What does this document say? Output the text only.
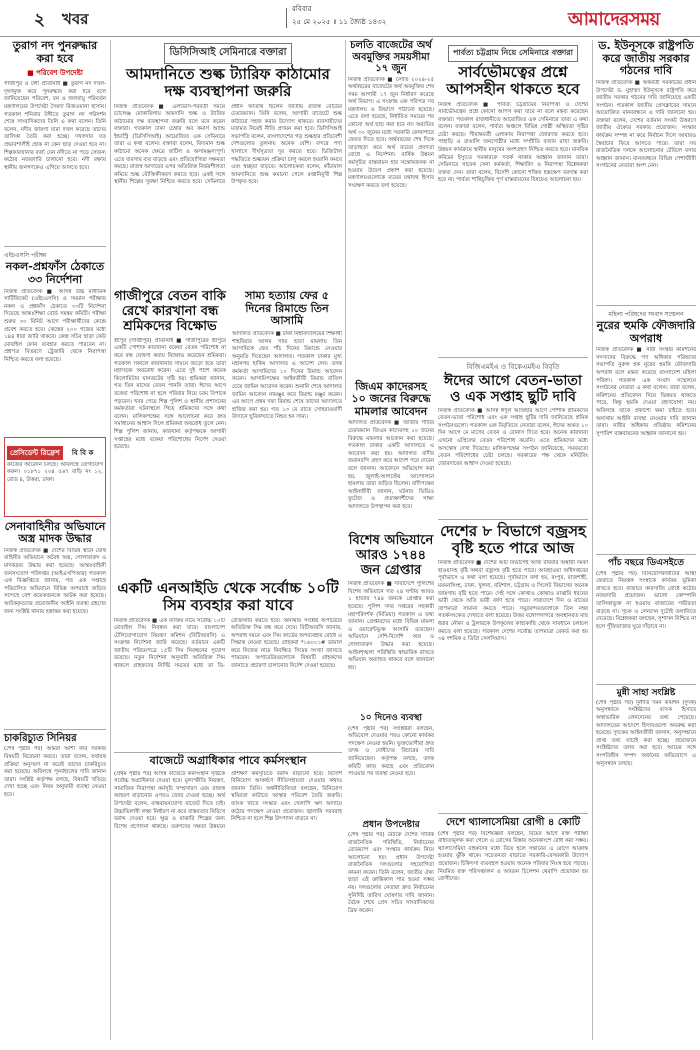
২ খবর
রবিবার
২৫ মে ২০২৫ ॥ ১১ জ্যৈষ্ঠ ১৪৩২	আমাদেরসময়
তুরাগ নদ পুনরুদ্ধার করা হবে
■ পরিবেশ উপদেষ্টা
গাজীপুর ও টঙ্গী প্রতিনিধি ■ তুরাগ নদ দখল-দূষণমুক্ত করে পুনরুদ্ধার করা হবে বলে জানিয়েছেন পরিবেশ, বন ও জলবায়ু পরিবর্তন মন্ত্রণালয়ের উপদেষ্টা সৈয়দা রিজওয়ানা হাসান। গতকাল শনিবার টঙ্গীতে তুরাগ নদ পরিদর্শন শেষে সাংবাদিকদের তিনি এ কথা বলেন। তিনি বলেন, নদীর জায়গা যারা দখল করেছে তাদের তালিকা তৈরি করা হচ্ছে। দখলদার যত প্রভাবশালীই হোক না কেন ছাড় দেওয়া হবে না। শিল্পকারখানার বর্জ্য যেন নদীতে না পড়ে সেজন্য কঠোর নজরদারি চালানো হবে। নদী রক্ষায় স্থানীয় জনগণকেও এগিয়ে আসতে হবে।
এইচএসসি পরীক্ষা
নকল-প্রশ্নফাঁস ঠেকাতে ৩৩ নির্দেশনা
নিজস্ব প্রতিবেদক ■ আসন্ন উচ্চ মাধ্যমিক সার্টিফিকেট (এইচএসসি) ও সমমান পরীক্ষায় নকল ও প্রশ্নফাঁস ঠেকাতে ৩৩টি নির্দেশনা দিয়েছে আন্তঃশিক্ষা বোর্ড সমন্বয় কমিটি। পরীক্ষা শুরুর ৩০ মিনিট আগে পরীক্ষার্থীদের কেন্দ্রে প্রবেশ করতে হবে। কেন্দ্রের ২০০ গজের মধ্যে ১৪৪ ধারা জারি থাকবে। কেন্দ্র সচিব ছাড়া কেউ মোবাইল ফোন ব্যবহার করতে পারবেন না। প্রশ্নপত্র বিতরণে ট্রেজারি থেকে নিরাপত্তা নিশ্চিত করতে বলা হয়েছে।
প্রেসিডেন্ট রিফ্রেশ বি বি ক
কাজের আবেদন চলছে। অবিলম্বে যোগাযোগ করুন। ০১৮৭১ ২৩৪ ৫৬৭ বাড়ি নং ১২, রোড ৪, উত্তরা, ঢাকা।
সেনাবাহিনীর অভিযানে অস্ত্র মাদক উদ্ধার
নিজস্ব প্রতিবেদক ■ দেশের বিভিন্ন স্থানে যৌথ বাহিনীর অভিযানে অবৈধ অস্ত্র, গোলাবারুদ ও মাদকদ্রব্য উদ্ধার করা হয়েছে। আন্তঃবাহিনী জনসংযোগ পরিদপ্তর (আইএসপিআর) গতকাল এক বিজ্ঞপ্তিতে জানায়, গত এক সপ্তাহে পরিচালিত অভিযানে বিভিন্ন অপরাধে জড়িত সন্দেহে বেশ কয়েকজনকে আটক করা হয়েছে। আটককৃতদের প্রয়োজনীয় আইনি ব্যবস্থা গ্রহণের জন্য সংশ্লিষ্ট থানায় হস্তান্তর করা হয়েছে।
চাকরিচ্যুত সিনিয়র
(শেষ পৃষ্ঠার পর) আমরা আশা করি সরকার বিষয়টি বিবেচনা করবে। তারা বলেন, যথাযথ প্রক্রিয়া অনুসরণ না করেই তাদের চাকরিচ্যুত করা হয়েছে। অবিলম্বে পুনর্বহালের দাবি জানান তারা। সংশ্লিষ্ট কর্তৃপক্ষ বলছে, বিষয়টি খতিয়ে দেখা হচ্ছে এবং নিয়ম অনুযায়ী ব্যবস্থা নেওয়া হবে।
ডিসিসিআই সেমিনারে বক্তারা
আমদানিতে শুল্ক ট্যারিফ কাঠামোর
দক্ষ ব্যবস্থাপনা জরুরি
নিজস্ব প্রতিবেদক ■ এলডিসি-পরবর্তী সময়ে চ্যালেঞ্জ মোকাবিলায় আমদানি শুল্ক ও ট্যারিফ কাঠামোর দক্ষ ব্যবস্থাপনা জরুরি বলে মনে করেন বক্তারা। গতকাল ঢাকা চেম্বার অব কমার্স অ্যান্ড ইন্ডাস্ট্রি (ডিসিসিআই) আয়োজিত এক সেমিনারে তারা এ কথা বলেন। বক্তারা বলেন, বিদ্যমান শুল্ক কাঠামো অনেক ক্ষেত্রে জটিল ও অসামঞ্জস্যপূর্ণ। এতে ব্যবসার ব্যয় বাড়ছে এবং প্রতিযোগিতা সক্ষমতা কমছে। রাজস্ব আদায়ের ওপর অতিরিক্ত নির্ভরশীলতা কমিয়ে শুল্ক যৌক্তিকীকরণ করতে হবে। একই সঙ্গে স্থানীয় শিল্পের সুরক্ষা নিশ্চিত করতে হবে। সেমিনারে প্রধান অতিথি ছিলেন জাতীয় রাজস্ব বোর্ডের চেয়ারম্যান। তিনি বলেন, আগামী বাজেটে শুল্ক কাঠামো সহজ করার উদ্যোগ থাকবে। ব্যবসায়ীদের মতামত নিয়েই নীতি প্রণয়ন করা হবে। ডিসিসিআই সভাপতি বলেন, বাংলাদেশের গড় শুল্কহার প্রতিবেশী দেশগুলোর তুলনায় অনেক বেশি। বন্দরে পণ্য খালাসে দীর্ঘসূত্রতা দূর করতে হবে। ডিজিটাল পদ্ধতিতে শুল্কায়ন প্রক্রিয়া চালু করলে হয়রানি কমবে এবং স্বচ্ছতা বাড়বে। আলোচকরা বলেন, কাঁচামাল আমদানিতে শুল্ক কমানো গেলে রপ্তানিমুখী শিল্প উপকৃত হবে।
গাজীপুরে বেতন বাকি রেখে কারখানা বন্ধ শ্রমিকদের বিক্ষোভ
শ্রীপুর (গাজীপুর) প্রতিনিধি ■ গাজীপুরের শ্রীপুরে একটি পোশাক কারখানা বকেয়া বেতন পরিশোধ না করে বন্ধ ঘোষণা করায় বিক্ষোভ করেছেন শ্রমিকরা। গতকাল সকালে কারখানার সামনে জড়ো হয়ে তারা মহাসড়ক অবরোধ করেন। এতে দুই পাশে কয়েক কিলোমিটার যানজটের সৃষ্টি হয়। শ্রমিকরা জানান, গত তিন মাসের বেতন পাননি তারা। ঈদের আগে বকেয়া পরিশোধ না হলে পরিবার নিয়ে চরম বিপাকে পড়বেন। খবর পেয়ে শিল্প পুলিশ ও স্থানীয় প্রশাসনের কর্মকর্তারা ঘটনাস্থলে গিয়ে শ্রমিকদের সঙ্গে কথা বলেন। মালিকপক্ষের সঙ্গে আলোচনা করে দ্রুত সমাধানের আশ্বাস দিলে শ্রমিকরা অবরোধ তুলে নেন। শিল্প পুলিশ জানায়, কারখানা কর্তৃপক্ষকে আগামী সপ্তাহের মধ্যে বকেয়া পরিশোধের নির্দেশ দেওয়া হয়েছে।
সাম্য হত্যায় ফের ৫ দিনের রিমান্ডে তিন আসামি
আদালত প্রতিবেদক ■ ঢাকা বিশ্ববিদ্যালয়ের শিক্ষার্থী শাহরিয়ার আলম সাম্য হত্যা মামলায় তিন আসামিকে ফের পাঁচ দিনের রিমান্ডে নেওয়ার অনুমতি দিয়েছেন আদালত। গতকাল ঢাকার মুখ্য মহানগর হাকিম আদালত এ আদেশ দেন। তদন্ত কর্মকর্তা আসামিদের ১০ দিনের রিমান্ড আবেদন করেন। আসামিপক্ষের আইনজীবী রিমান্ড বাতিল চেয়ে জামিন আবেদন করেন। শুনানি শেষে আদালত জামিন আবেদন নামঞ্জুর করে রিমান্ড মঞ্জুর করেন। এর আগে প্রথম দফা রিমান্ড শেষে তাদের আদালতে হাজির করা হয়। গত ১৩ মে রাতে সোহরাওয়ার্দী উদ্যানে ছুরিকাঘাতে নিহত হন সাম্য।
একটি এনআইডি থেকে সর্বোচ্চ ১০টি সিম ব্যবহার করা যাবে
নিজস্ব প্রতিবেদক ■ এক ব্যক্তির নামে সর্বোচ্চ ১০টি মোবাইল সিম নিবন্ধন করা যাবে। বাংলাদেশ টেলিযোগাযোগ নিয়ন্ত্রণ কমিশন (বিটিআরসি) এ সংক্রান্ত নির্দেশনা জারি করেছে। বর্তমানে একটি জাতীয় পরিচয়পত্রে ১৫টি সিম নিবন্ধনের সুযোগ রয়েছে। নতুন নির্দেশনা অনুযায়ী অতিরিক্ত সিম থাকলে গ্রাহকদের নির্দিষ্ট সময়ের মধ্যে তা ডি-রেজিস্টার করতে হবে। অন্যথায় সংশ্লিষ্ট অপারেটর অতিরিক্ত সিম বন্ধ করে দেবে। বিটিআরসি জানায়, অপরাধ দমনে এবং সিম কার্ডের অপব্যবহার রোধে এ সিদ্ধান্ত নেওয়া হয়েছে। গ্রাহকরা *১৬০০১# ডায়াল করে নিজের নামে নিবন্ধিত সিমের সংখ্যা জানতে পারবেন। অপারেটরগুলোকে বিষয়টি গ্রাহকদের জানাতে প্রচারণা চালানোর নির্দেশ দেওয়া হয়েছে।
বাজেটে অগ্রাধিকার পাবে কর্মসংস্থান
(প্রথম পৃষ্ঠার পর) আসন্ন বাজেটে কর্মসংস্থান সৃষ্টিকে সর্বোচ্চ অগ্রাধিকার দেওয়া হবে। মূল্যস্ফীতি নিয়ন্ত্রণ, সামাজিক নিরাপত্তা কর্মসূচি সম্প্রসারণ এবং রাজস্ব আহরণ বাড়ানোর ওপরও জোর দেওয়া হচ্ছে। অর্থ উপদেষ্টা বলেন, বাস্তবায়নযোগ্য বাজেট দিতে চাই। উচ্চাভিলাষী লক্ষ্য নির্ধারণ না করে বাস্তবতার নিরিখে বরাদ্দ দেওয়া হবে। ক্ষুদ্র ও মাঝারি শিল্পের জন্য বিশেষ প্রণোদনা থাকছে। তরুণদের দক্ষতা উন্নয়নে প্রশিক্ষণ কর্মসূচিতে বরাদ্দ বাড়ানো হবে। বিদেশি বিনিয়োগ আকর্ষণে নীতিসহায়তা দেওয়ার কথাও জানান তিনি। অর্থনীতিবিদরা বলছেন, বিনিয়োগ স্থবিরতা কাটাতে আস্থার পরিবেশ তৈরি জরুরি। ব্যাংক খাতে সংস্কার এবং খেলাপি ঋণ আদায়ে কঠোর পদক্ষেপ নেওয়া প্রয়োজন। জ্বালানি সরবরাহ নিশ্চিত না হলে শিল্প উৎপাদন বাড়বে না।
চলতি বাজেটের অর্থ অবমুক্তির সময়সীমা ১৭ জুন
নিজস্ব প্রতিবেদক ■ চলতি ২০২৪-২৫ অর্থবছরের বাজেটের অর্থ অবমুক্তির শেষ সময় আগামী ১৭ জুন নির্ধারণ করেছে অর্থ বিভাগ। এ সংক্রান্ত এক পরিপত্র সব মন্ত্রণালয় ও বিভাগে পাঠানো হয়েছে। এতে বলা হয়েছে, নির্ধারিত সময়ের পর কোনো অর্থ ছাড় করা হবে না। অব্যয়িত অর্থ ৩০ জুনের মধ্যে সরকারি কোষাগারে ফেরত দিতে হবে। অর্থবছরের শেষ দিকে তাড়াহুড়া করে অর্থ ব্যয়ের প্রবণতা রোধে এ নির্দেশনা। বার্ষিক উন্নয়ন কর্মসূচির বাস্তবায়ন হার সন্তোষজনক না হওয়ায় উদ্বেগ প্রকাশ করা হয়েছে। মন্ত্রণালয়গুলোকে ব্যয়ের যথাযথ হিসাব সংরক্ষণ করতে বলা হয়েছে।
জিএম কাদেরসহ ১০ জনের বিরুদ্ধে মামলার আবেদন
আদালত প্রতিবেদক ■ জাতীয় পার্টির চেয়ারম্যান জিএম কাদেরসহ ১০ জনের বিরুদ্ধে মামলার আবেদন করা হয়েছে। গতকাল ঢাকার একটি আদালতে এ আবেদন করা হয়। আদালত বাদীর জবানবন্দি গ্রহণ করে আদেশ পরে দেবেন বলে জানান। আবেদনে অভিযোগ করা হয়, জুলাই-আগস্টের আন্দোলনে হামলায় তারা জড়িত ছিলেন। বাদীপক্ষের আইনজীবী জানান, ঘটনার ভিডিও ফুটেজ ও প্রত্যক্ষদর্শীদের সাক্ষ্য আদালতে উপস্থাপন করা হবে।
বিশেষ অভিযানে আরও ১৭৪৪ জন গ্রেপ্তার
নিজস্ব প্রতিবেদক ■ সারাদেশে পুলিশের বিশেষ অভিযানে গত ২৪ ঘণ্টায় আরও ১ হাজার ৭৪৪ জনকে গ্রেপ্তার করা হয়েছে। পুলিশ সদর দপ্তরের সহকারী মহাপরিদর্শক (মিডিয়া) গতকাল এ তথ্য জানান। গ্রেপ্তারদের মধ্যে বিভিন্ন মামলা ও ওয়ারেন্টভুক্ত আসামি রয়েছেন। অভিযানে দেশি-বিদেশি অস্ত্র ও গোলাবারুদ উদ্ধার করা হয়েছে। আইনশৃঙ্খলা পরিস্থিতি স্বাভাবিক রাখতে অভিযান অব্যাহত থাকবে বলে জানানো হয়।
১০ দিনেও ব্যবস্থা
(শেষ পৃষ্ঠার পর) সংশ্লিষ্টরা বলছেন, অভিযোগ দেওয়ার পরও কোনো কার্যকর পদক্ষেপ নেওয়া হয়নি। ভুক্তভোগীরা দ্রুত তদন্ত ও দোষীদের বিচারের দাবি জানিয়েছেন। কর্তৃপক্ষ বলছে, তদন্ত কমিটি কাজ করছে এবং প্রতিবেদন পাওয়ার পর ব্যবস্থা নেওয়া হবে।
প্রধান উপদেষ্টার
(শেষ পৃষ্ঠার পর) বৈঠকে দেশের সার্বিক রাজনৈতিক পরিস্থিতি, নির্বাচনের রোডম্যাপ এবং সংস্কার কার্যক্রম নিয়ে আলোচনা হয়। প্রধান উপদেষ্টা রাজনৈতিক দলগুলোর সহযোগিতা কামনা করেন। তিনি বলেন, জাতীয় ঐক্য ছাড়া এই ক্রান্তিকাল পার হওয়া সম্ভব নয়। দলগুলোর নেতারা দ্রুত নির্বাচনের সুনির্দিষ্ট তারিখ ঘোষণার দাবি জানান। বৈঠক শেষে প্রেস সচিব সাংবাদিকদের ব্রিফ করেন।
পার্বত্য চট্টগ্রাম নিয়ে সেমিনারে বক্তারা
সার্বভৌমত্বের প্রশ্নে আপসহীন থাকতে হবে
নিজস্ব প্রতিবেদক ■ পার্বত্য চট্টগ্রামের নিরাপত্তা ও দেশের সার্বভৌমত্বের প্রশ্নে কোনো আপস করা যাবে না বলে মন্তব্য করেছেন বক্তারা। গতকাল রাজধানীতে আয়োজিত এক সেমিনারে তারা এ কথা বলেন। বক্তারা বলেন, পার্বত্য অঞ্চলে বিভিন্ন গোষ্ঠী অস্থিরতা সৃষ্টির চেষ্টা করছে। সীমান্তবর্তী এলাকায় নিরাপত্তা জোরদার করতে হবে। পাহাড়ি ও বাঙালি জনগোষ্ঠীর মধ্যে সম্প্রীতি বজায় রাখা জরুরি। উন্নয়ন কার্যক্রমে স্থানীয় মানুষের অংশগ্রহণ নিশ্চিত করতে হবে। মানবিক করিডর ইস্যুতে সরকারকে সতর্ক থাকার আহ্বান জানান তারা। সেমিনারে সাবেক সেনা কর্মকর্তা, শিক্ষাবিদ ও নিরাপত্তা বিশ্লেষকরা বক্তব্য দেন। তারা বলেন, বিদেশি কোনো শক্তির হস্তক্ষেপ বরদাস্ত করা হবে না। পার্বত্য শান্তিচুক্তির পূর্ণ বাস্তবায়নের বিষয়েও আলোচনা হয়।
বিজিএমইএ ও বিকেএমইএ বিবৃতি
ঈদের আগে বেতন-ভাতা ও এক সপ্তাহ ছুটি দাবি
নিজস্ব প্রতিবেদক ■ আসন্ন ঈদুল আজহার আগে পোশাক শ্রমিকদের বেতন-ভাতা পরিশোধ এবং এক সপ্তাহ ছুটির দাবি জানিয়েছে শ্রমিক সংগঠনগুলো। গতকাল এক বিবৃতিতে নেতারা বলেন, ঈদের অন্তত ১০ দিন আগে মে মাসের বেতন ও বোনাস দিতে হবে। অনেক কারখানা এখনো এপ্রিলের বেতন পরিশোধ করেনি। এতে শ্রমিকদের মধ্যে অসন্তোষ দেখা দিয়েছে। মালিকপক্ষের সংগঠন জানিয়েছে, সময়মতো বেতন পরিশোধের চেষ্টা চলছে। সরকারের পক্ষ থেকে মনিটরিং জোরদারের আশ্বাস দেওয়া হয়েছে।
দেশের ৮ বিভাগে বজ্রসহ বৃষ্টি হতে পারে আজ
নিজস্ব প্রতিবেদক ■ দেশের আট বিভাগেই আজ রবিবার অস্থায়ী দমকা হাওয়াসহ বৃষ্টি অথবা বজ্রসহ বৃষ্টি হতে পারে। আবহাওয়া অধিদপ্তরের পূর্বাভাসে এ কথা বলা হয়েছে। পূর্বাভাসে বলা হয়, রংপুর, রাজশাহী, ময়মনসিংহ, ঢাকা, খুলনা, বরিশাল, চট্টগ্রাম ও সিলেট বিভাগের অনেক জায়গায় বৃষ্টি হতে পারে। সেই সঙ্গে কোথাও কোথাও মাঝারি ধরনের ভারী থেকে অতি ভারী বর্ষণ হতে পারে। সারাদেশে দিন ও রাতের তাপমাত্রা সামান্য কমতে পারে। সমুদ্রবন্দরগুলোকে তিন নম্বর সতর্কসংকেত দেখাতে বলা হয়েছে। উত্তর বঙ্গোপসাগরে অবস্থানরত মাছ ধরার নৌকা ও ট্রলারকে উপকূলের কাছাকাছি থেকে সাবধানে চলাচল করতে বলা হয়েছে। গতকাল দেশের সর্বোচ্চ তাপমাত্রা রেকর্ড করা হয় ৩৪ দশমিক ৫ ডিগ্রি সেলসিয়াস।
দেশে থ্যালাসেমিয়া রোগী ৪ কোটি
(শেষ পৃষ্ঠার পর) বিশেষজ্ঞরা বলছেন, বিয়ের আগে রক্ত পরীক্ষা বাধ্যতামূলক করা গেলে এ রোগের বিস্তার অনেকাংশে রোধ করা সম্ভব। থ্যালাসেমিয়া বাহকদের মধ্যে বিয়ে হলে সন্তানের এ রোগে আক্রান্ত হওয়ার ঝুঁকি থাকে। সচেতনতা বাড়াতে সরকারি-বেসরকারি উদ্যোগ প্রয়োজন। চিকিৎসা ব্যয়বহুল হওয়ায় অনেক পরিবার নিঃস্ব হয়ে পড়ছে। নিয়মিত রক্ত পরিসঞ্চালন ও আয়রন চিলেশন থেরাপি প্রয়োজন হয় রোগীদের।
ড. ইউনূসকে রাষ্ট্রপতি করে জাতীয় সরকার গঠনের দাবি
নিজস্ব প্রতিবেদক ■ অন্তর্বর্তী সরকারের প্রধান উপদেষ্টা ড. মুহাম্মদ ইউনূসকে রাষ্ট্রপতি করে জাতীয় সরকার গঠনের দাবি জানিয়েছে একটি সংগঠন। গতকাল জাতীয় প্রেসক্লাবের সামনে আয়োজিত মানববন্ধনে এ দাবি জানানো হয়। বক্তারা বলেন, দেশের বর্তমান সংকট উত্তরণে জাতীয় ঐক্যের সরকার প্রয়োজন। সংস্কার কার্যক্রম সম্পন্ন না করে নির্বাচন দিলে আবারও স্বৈরাচার ফিরে আসতে পারে। তারা সব রাজনৈতিক দলকে আলোচনার টেবিলে বসার আহ্বান জানান। মানববন্ধনে বিভিন্ন পেশাজীবী সংগঠনের নেতারা অংশ নেন।
মহিলা পরিষদের সংবাদ সম্মেলন
নুরের হুমকি ফৌজদারি অপরাধ
নিজস্ব প্রতিবেদক ■ নারী সংস্কার কমিশনের সদস্যদের বিরুদ্ধে গণ অধিকার পরিষদের সভাপতি নুরুল হক নুরের হুমকি ফৌজদারি অপরাধ বলে মন্তব্য করেছে বাংলাদেশ মহিলা পরিষদ। গতকাল এক সংবাদ সম্মেলনে সংগঠনের নেতারা এ কথা বলেন। তারা বলেন, কমিশনের প্রতিবেদন নিয়ে ভিন্নমত থাকতে পারে, কিন্তু হুমকি দেওয়া গ্রহণযোগ্য নয়। অবিলম্বে তাকে প্রকাশ্যে ক্ষমা চাইতে হবে। অন্যথায় আইনি ব্যবস্থা নেওয়ার দাবি জানান তারা। নারীর অধিকার প্রতিষ্ঠায় কমিশনের সুপারিশ বাস্তবায়নের আহ্বান জানানো হয়।
পাঁচ বছরে ডিএসইতে
(শেষ পৃষ্ঠার পর) বিনিয়োগকারীদের আস্থা ফেরাতে নিয়ন্ত্রক সংস্থাকে কার্যকর ভূমিকা রাখতে হবে। বাজারে কারসাজি রোধে কঠোর নজরদারি প্রয়োজন। ভালো কোম্পানি তালিকাভুক্ত না হওয়ায় বাজারের গভীরতা বাড়ছে না। সূচক ও লেনদেন দুটোই তলানিতে নেমেছে। বিশ্লেষকরা বলছেন, সুশাসন নিশ্চিত না হলে পুঁজিবাজার ঘুরে দাঁড়াবে না।
মুন্নী সাহা সংশ্লিষ্ট
(শেষ পৃষ্ঠার পর) দুর্নীতি দমন কমিশন (দুদক) অনুসন্ধানে সংশ্লিষ্টদের ব্যাংক হিসাবে অস্বাভাবিক লেনদেনের তথ্য পেয়েছে। আদালতের আদেশে হিসাবগুলো অবরুদ্ধ করা হয়েছে। দুদকের আইনজীবী জানান, অনুসন্ধানে প্রাপ্ত তথ্য যাচাই করা হচ্ছে। প্রয়োজনে সংশ্লিষ্টদের তলব করা হবে। আয়ের সঙ্গে সংগতিহীন সম্পদ অর্জনের অভিযোগে এ অনুসন্ধান চলছে।
